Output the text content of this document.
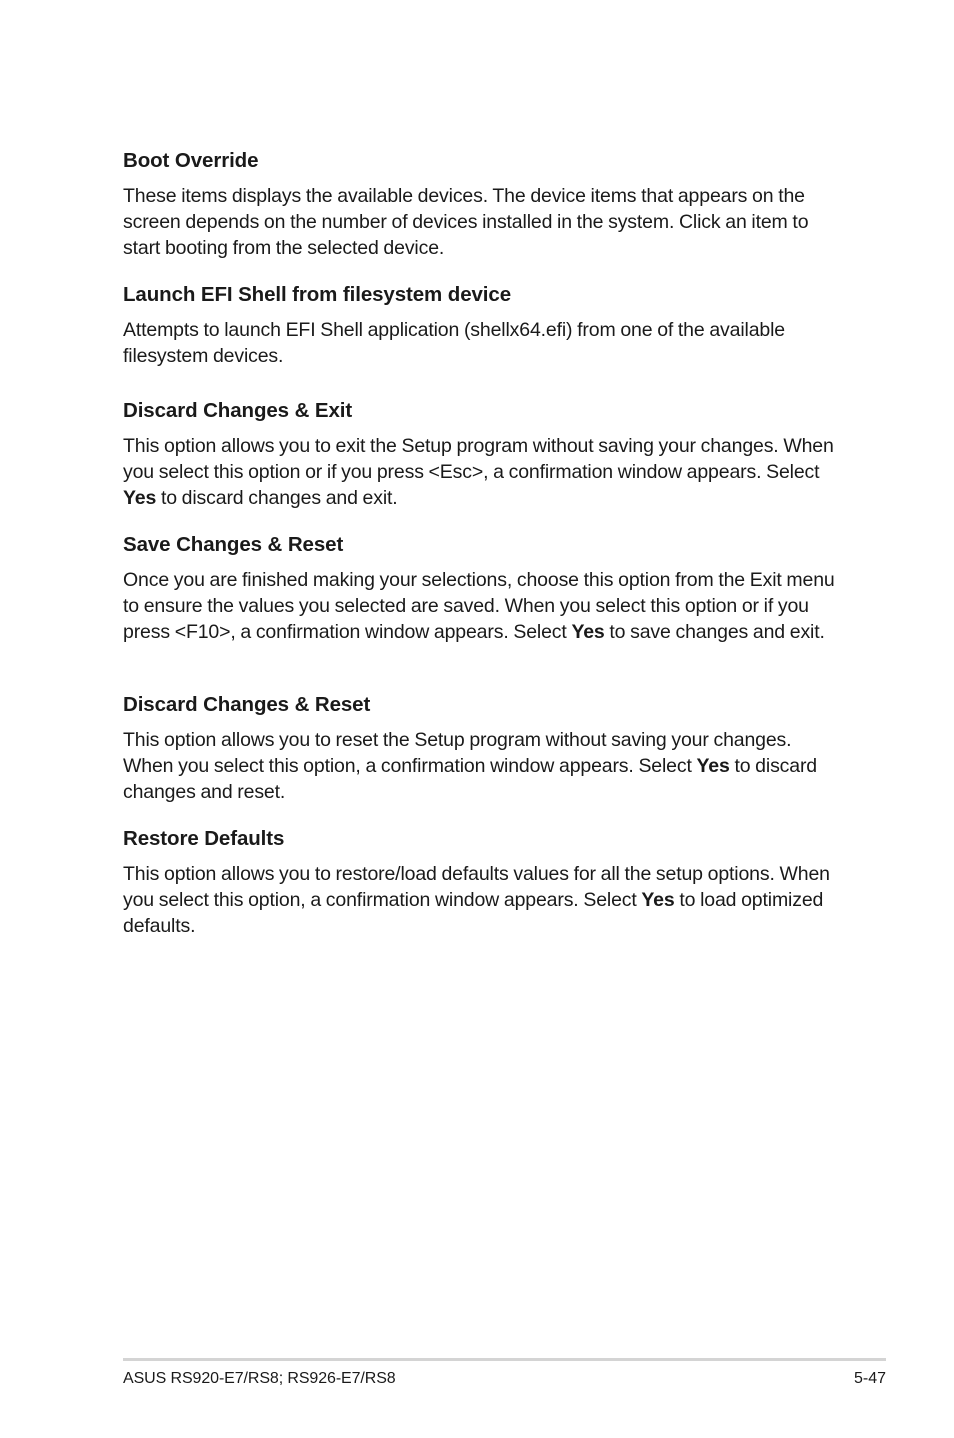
Boot Override

These items displays the available devices. The device items that appears on the screen depends on the number of devices installed in the system. Click an item to start booting from the selected device.

Launch EFI Shell from filesystem device

Attempts to launch EFI Shell application (shellx64.efi) from one of the available filesystem devices.

Discard Changes & Exit

This option allows you to exit the Setup program without saving your changes. When you select this option or if you press <Esc>, a confirmation window appears. Select Yes to discard changes and exit.

Save Changes & Reset

Once you are finished making your selections, choose this option from the Exit menu to ensure the values you selected are saved. When you select this option or if you press <F10>, a confirmation window appears. Select Yes to save changes and exit.

Discard Changes & Reset

This option allows you to reset the Setup program without saving your changes. When you select this option, a confirmation window appears. Select Yes to discard changes and reset.

Restore Defaults

This option allows you to restore/load defaults values for all the setup options. When you select this option, a confirmation window appears. Select Yes to load optimized defaults.

ASUS RS920-E7/RS8; RS926-E7/RS8	5-47
